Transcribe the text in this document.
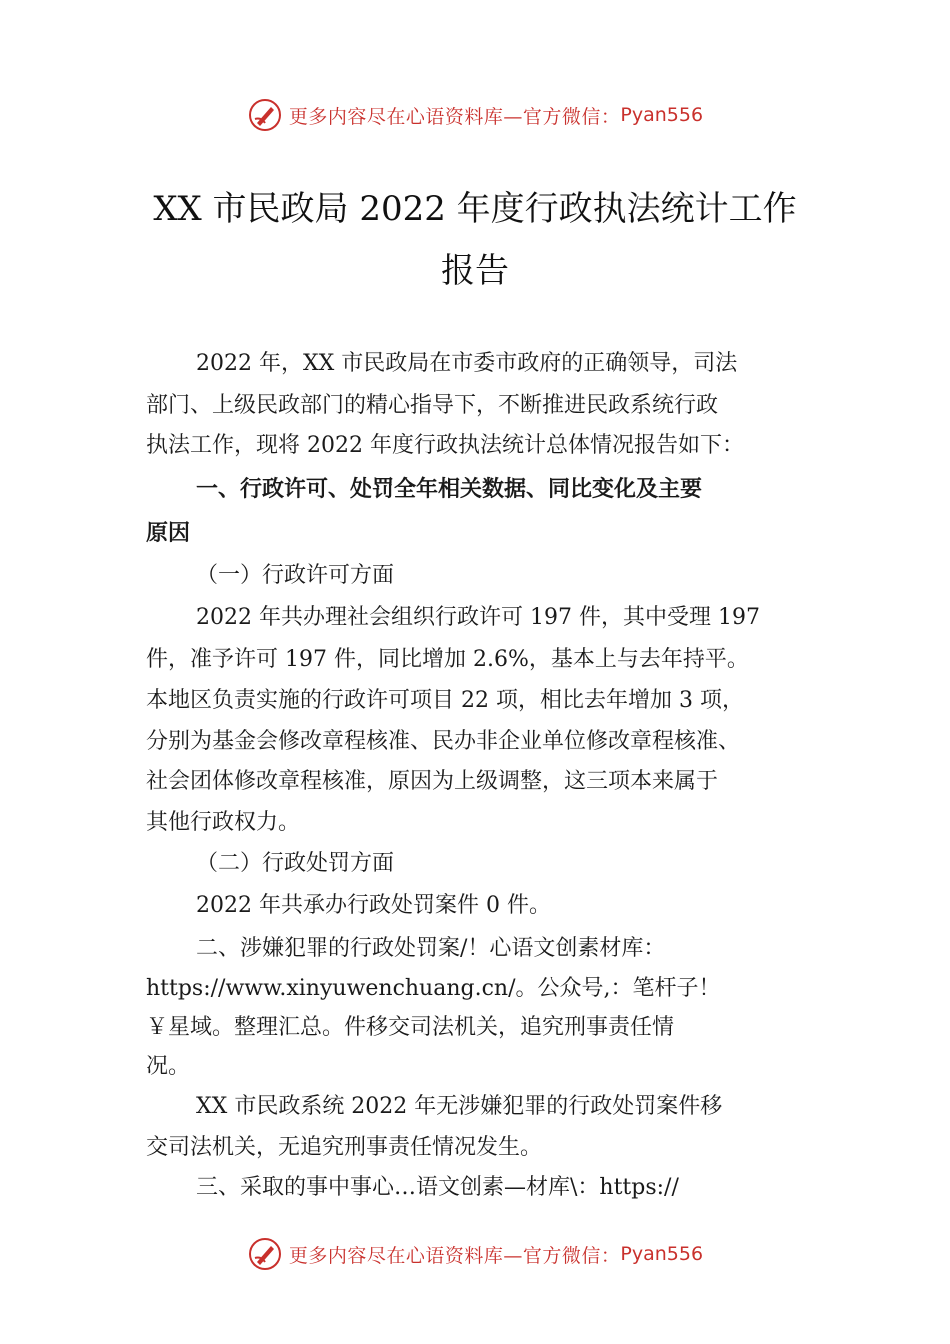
更多内容尽在心语资料库—官方微信： Pyan556
XX 市民政局 2022 年度行政执法统计工作
报告
2022 年，XX 市民政局在市委市政府的正确领导，司法
部门、上级民政部门的精心指导下，不断推进民政系统行政
执法工作，现将 2022 年度行政执法统计总体情况报告如下：
一、行政许可、处罚全年相关数据、同比变化及主要
原因
（一）行政许可方面
2022 年共办理社会组织行政许可 197 件，其中受理 197
件，准予许可 197 件，同比增加 2.6%，基本上与去年持平。
本地区负责实施的行政许可项目 22 项，相比去年增加 3 项，
分别为基金会修改章程核准、民办非企业单位修改章程核准、
社会团体修改章程核准，原因为上级调整，这三项本来属于
其他行政权力。
（二）行政处罚方面
2022 年共承办行政处罚案件 0 件。
二、涉嫌犯罪的行政处罚案/！心语文创素材库：
https://www.xinyuwenchuang.cn/。公众号,：笔杆子！
￥星域。整理汇总。件移交司法机关，追究刑事责任情
况。
XX 市民政系统 2022 年无涉嫌犯罪的行政处罚案件移
交司法机关，无追究刑事责任情况发生。
三、采取的事中事心…语文创素—材库\：https://
更多内容尽在心语资料库—官方微信： Pyan556
